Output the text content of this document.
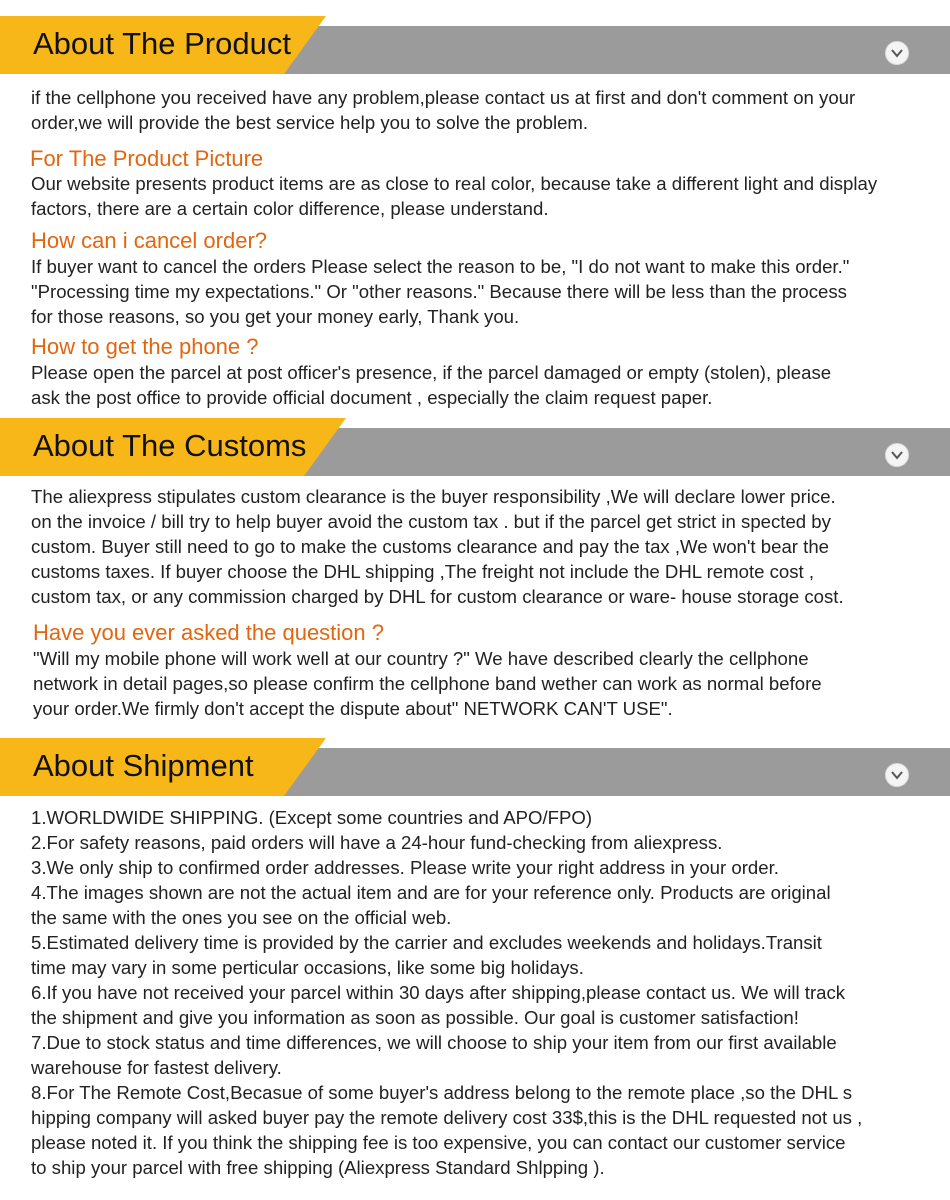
About The Product

if the cellphone you received have any problem,please contact us at first and don't comment on your

order,we will provide the best service help you to solve the problem.

For The Product Picture

Our website presents product items are as close to real color, because take a different light and display

factors, there are a certain color difference, please understand.

How can i cancel order?

If buyer want to cancel the orders Please select the reason to be, "I do not want to make this order."

"Processing time my expectations." Or "other reasons." Because there will be less than the process

for those reasons, so you get your money early, Thank you.

How to get the phone ?

Please open the parcel at post officer's presence, if the parcel damaged or empty (stolen), please

ask the post office to provide official document , especially the claim request paper.

About The Customs

The aliexpress stipulates custom clearance is the buyer responsibility ,We will declare lower price.

on the invoice / bill try to help buyer avoid the custom tax . but if the parcel get strict in spected by

custom. Buyer still need to go to make the customs clearance and pay the tax ,We won't bear the

customs taxes. If buyer choose the DHL shipping ,The freight not include the DHL remote cost ,

custom tax, or any commission charged by DHL for custom clearance or ware- house storage cost.

Have you ever asked the question ?

"Will my mobile phone will work well at our country ?" We have described clearly the cellphone

network in detail pages,so please confirm the cellphone band wether can work as normal before

your order.We firmly don't accept the dispute about" NETWORK CAN'T USE".

About Shipment

1.WORLDWIDE SHIPPING. (Except some countries and APO/FPO)

2.For safety reasons, paid orders will have a 24-hour fund-checking from aliexpress.

3.We only ship to confirmed order addresses. Please write your right address in your order.

4.The images shown are not the actual item and are for your reference only. Products are original

the same with the ones you see on the official web.

5.Estimated delivery time is provided by the carrier and excludes weekends and holidays.Transit

time may vary in some perticular occasions, like some big holidays.

6.If you have not received your parcel within 30 days after shipping,please contact us. We will track

the shipment and give you information as soon as possible. Our goal is customer satisfaction!

7.Due to stock status and time differences, we will choose to ship your item from our first available

warehouse for fastest delivery.

8.For The Remote Cost,Becasue of some buyer's address belong to the remote place ,so the DHL s

hipping company will asked buyer pay the remote delivery cost 33$,this is the DHL requested not us ,

please noted it. If you think the shipping fee is too expensive, you can contact our customer service

to ship your parcel with free shipping (Aliexpress Standard Shlpping ).
